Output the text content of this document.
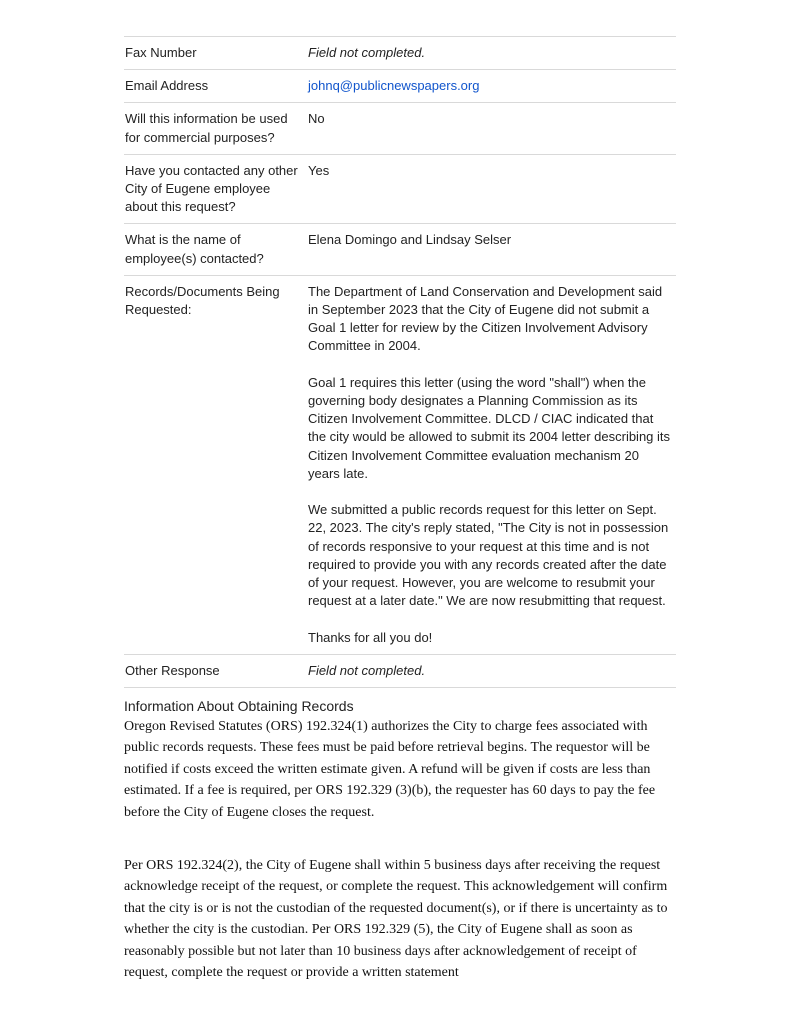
Fax Number	Field not completed.
Email Address	johnq@publicnewspapers.org
Will this information be used for commercial purposes?	No
Have you contacted any other City of Eugene employee about this request?	Yes
What is the name of employee(s) contacted?	Elena Domingo and Lindsay Selser
Records/Documents Being Requested:	The Department of Land Conservation and Development said in September 2023 that the City of Eugene did not submit a Goal 1 letter for review by the Citizen Involvement Advisory Committee in 2004.

Goal 1 requires this letter (using the word "shall") when the governing body designates a Planning Commission as its Citizen Involvement Committee. DLCD / CIAC indicated that the city would be allowed to submit its 2004 letter describing its Citizen Involvement Committee evaluation mechanism 20 years late.

We submitted a public records request for this letter on Sept. 22, 2023. The city's reply stated, "The City is not in possession of records responsive to your request at this time and is not required to provide you with any records created after the date of your request. However, you are welcome to resubmit your request at a later date." We are now resubmitting that request.

Thanks for all you do!

Other Response	Field not completed.
Information About Obtaining Records

Oregon Revised Statutes (ORS) 192.324(1) authorizes the City to charge fees associated with public records requests. These fees must be paid before retrieval begins. The requestor will be notified if costs exceed the written estimate given. A refund will be given if costs are less than estimated. If a fee is required, per ORS 192.329 (3)(b), the requester has 60 days to pay the fee before the City of Eugene closes the request.

Per ORS 192.324(2), the City of Eugene shall within 5 business days after receiving the request acknowledge receipt of the request, or complete the request. This acknowledgement will confirm that the city is or is not the custodian of the requested document(s), or if there is uncertainty as to whether the city is the custodian. Per ORS 192.329 (5), the City of Eugene shall as soon as reasonably possible but not later than 10 business days after acknowledgement of receipt of request, complete the request or provide a written statement
